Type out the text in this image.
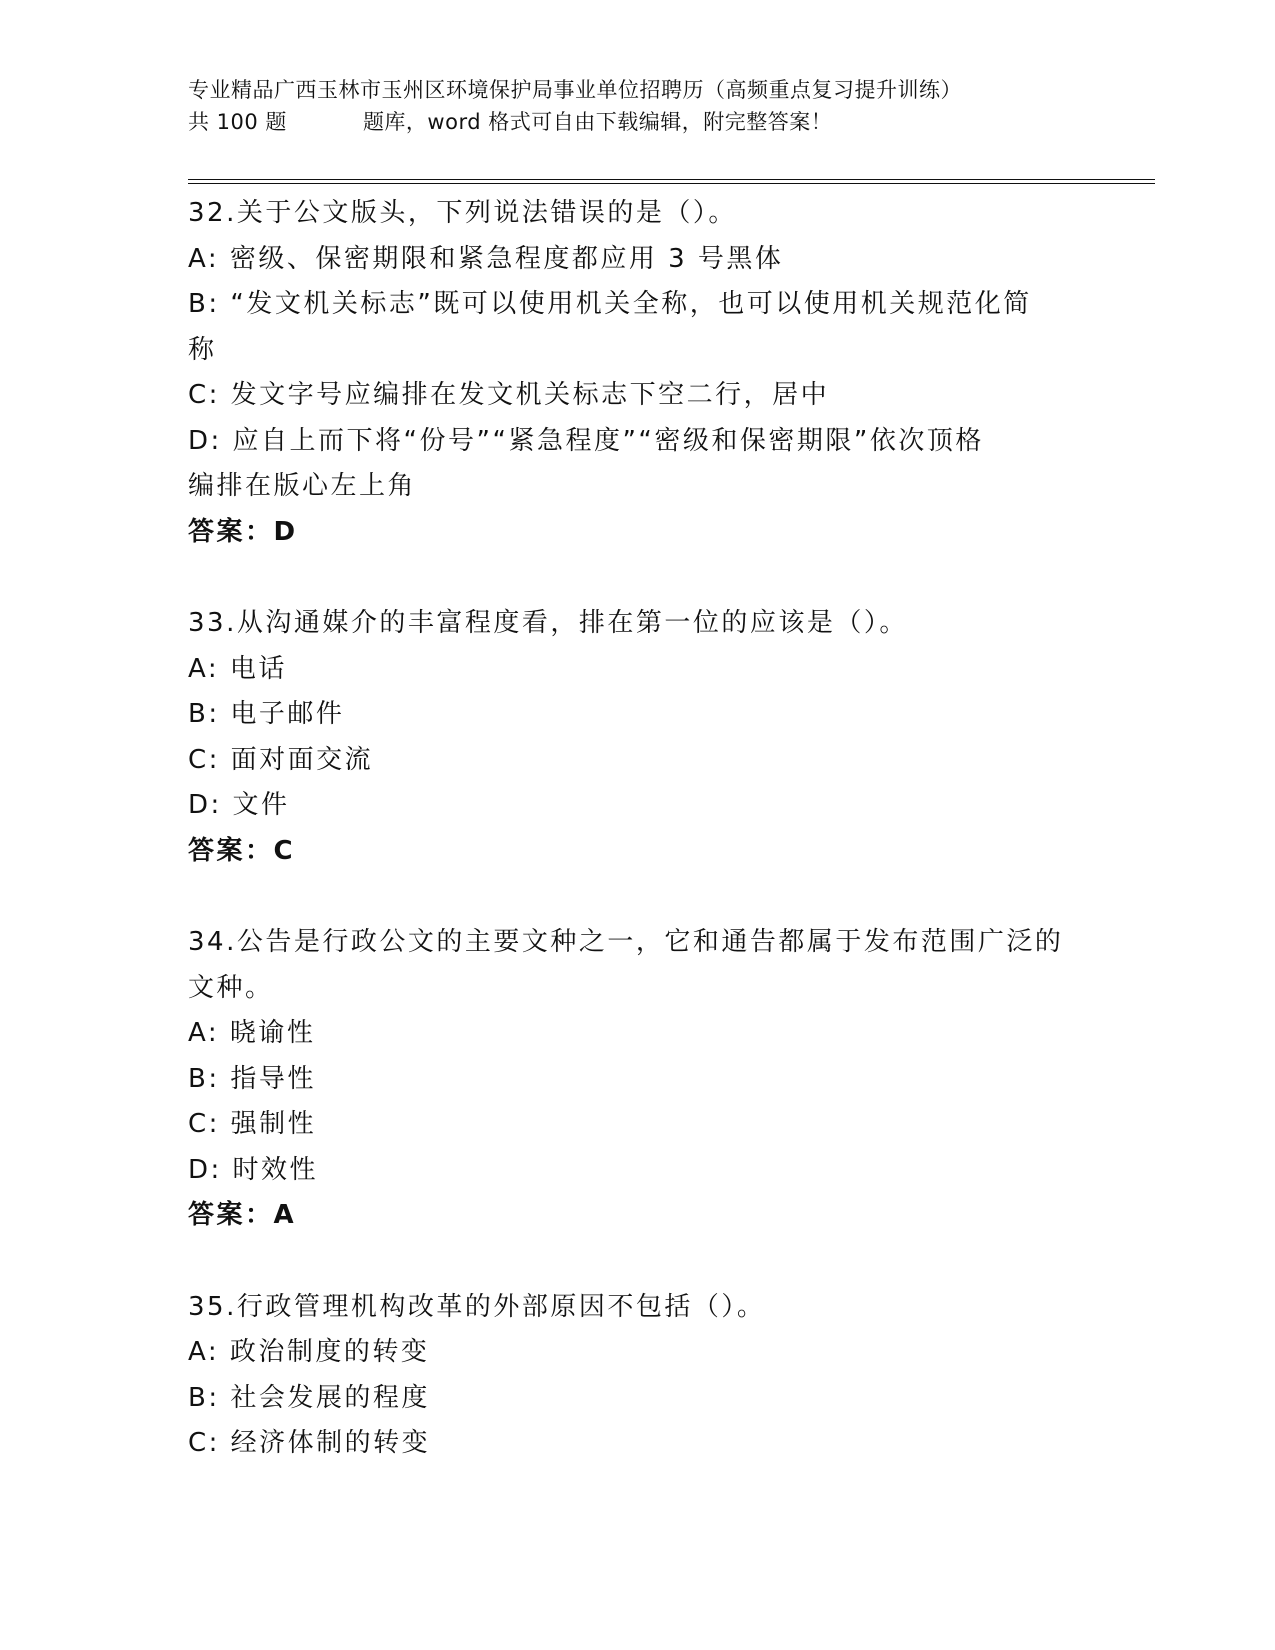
专业精品广西玉林市玉州区环境保护局事业单位招聘历（高频重点复习提升训练）
共 100 题	题库，word 格式可自由下载编辑，附完整答案！
32.关于公文版头，下列说法错误的是（）。
A: 密级、保密期限和紧急程度都应用 3 号黑体
B: “发文机关标志”既可以使用机关全称，也可以使用机关规范化简
称
C: 发文字号应编排在发文机关标志下空二行，居中
D: 应自上而下将“份号”“紧急程度”“密级和保密期限”依次顶格
编排在版心左上角
答案：D
33.从沟通媒介的丰富程度看，排在第一位的应该是（）。
A: 电话
B: 电子邮件
C: 面对面交流
D: 文件
答案：C
34.公告是行政公文的主要文种之一，它和通告都属于发布范围广泛的
文种。
A: 晓谕性
B: 指导性
C: 强制性
D: 时效性
答案：A
35.行政管理机构改革的外部原因不包括（）。
A: 政治制度的转变
B: 社会发展的程度
C: 经济体制的转变
